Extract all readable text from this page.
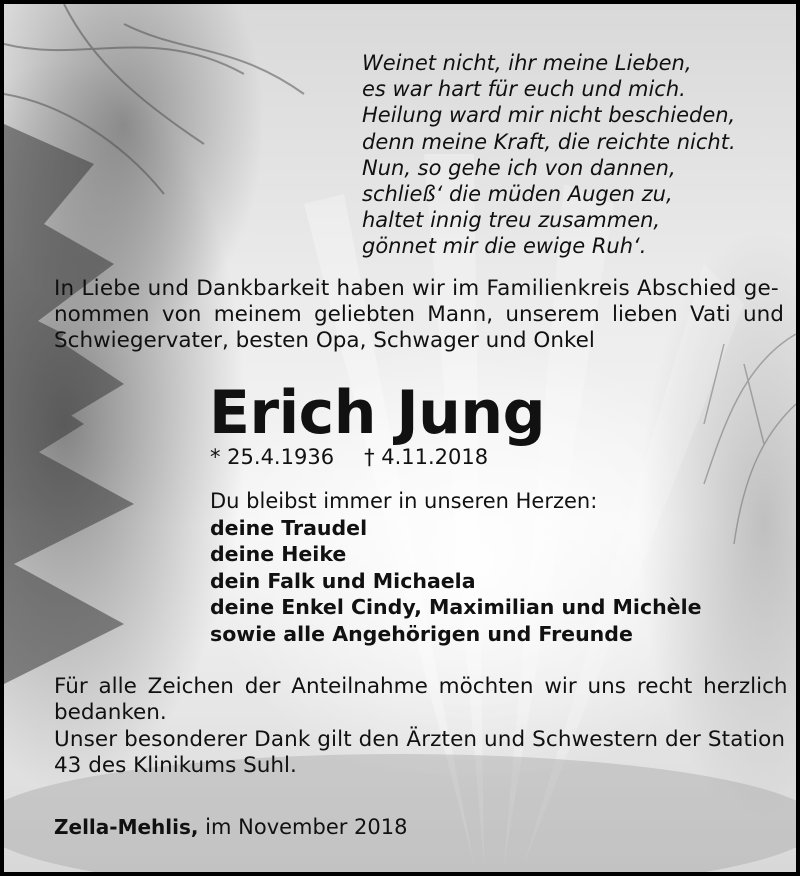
Weinet nicht, ihr meine Lieben,
es war hart für euch und mich.
Heilung ward mir nicht beschieden,
denn meine Kraft, die reichte nicht.
Nun, so gehe ich von dannen,
schließ‘ die müden Augen zu,
haltet innig treu zusammen,
gönnet mir die ewige Ruh‘.
In Liebe und Dankbarkeit haben wir im Familienkreis Abschied ge-
nommen von meinem geliebten Mann, unserem lieben Vati und
Schwiegervater, besten Opa, Schwager und Onkel
Erich Jung
* 25.4.1936 † 4.11.2018
Du bleibst immer in unseren Herzen:
deine Traudel
deine Heike
dein Falk und Michaela
deine Enkel Cindy, Maximilian und Michèle
sowie alle Angehörigen und Freunde
Für alle Zeichen der Anteilnahme möchten wir uns recht herzlich
bedanken.
Unser besonderer Dank gilt den Ärzten und Schwestern der Station
43 des Klinikums Suhl.
Zella-Mehlis, im November 2018
